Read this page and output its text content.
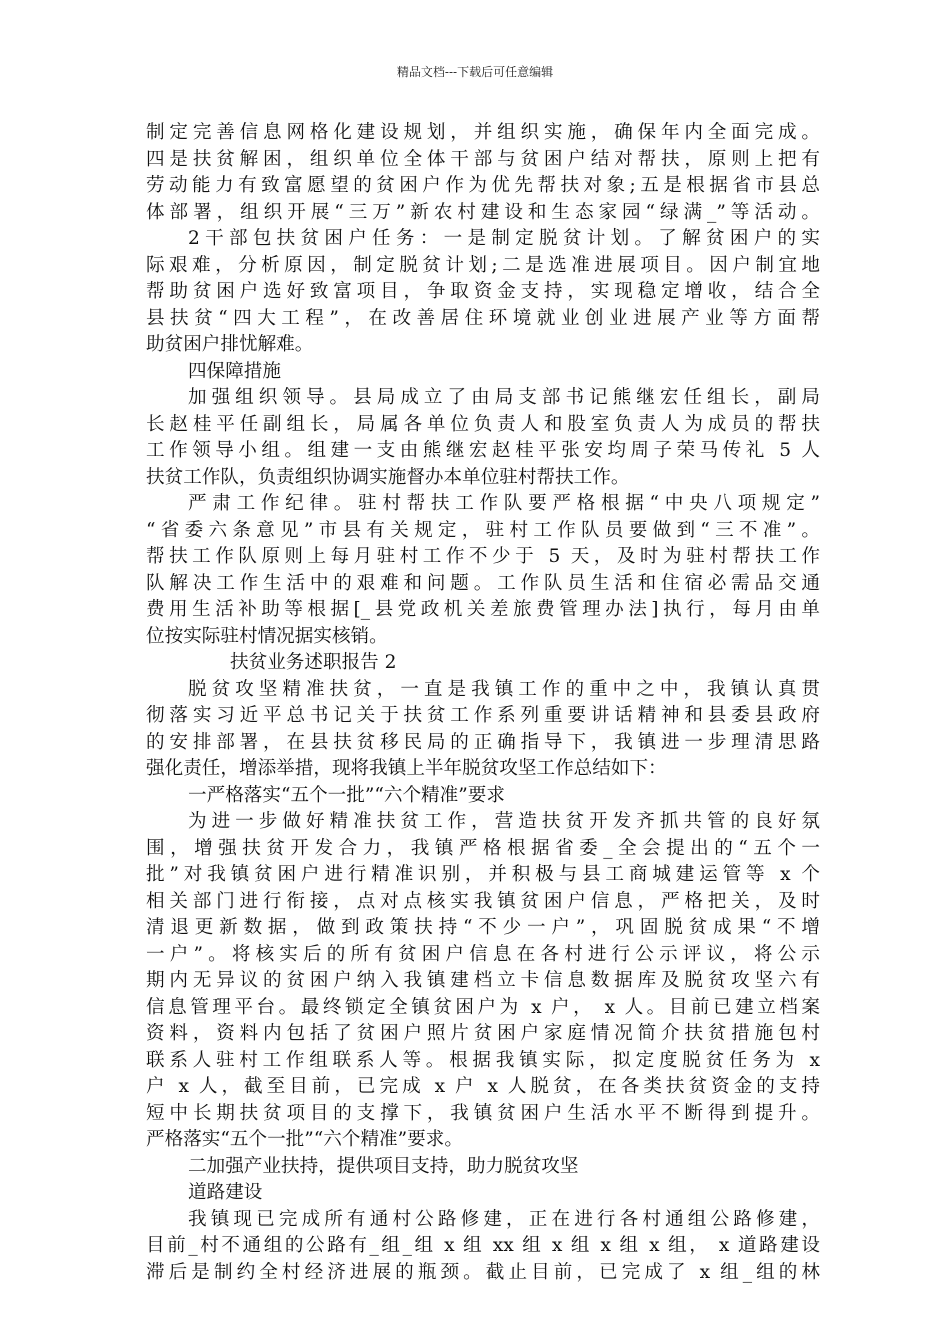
精品文档---下载后可任意编辑
制定完善信息网格化建设规划，并组织实施，确保年内全面完成。
四是扶贫解困，组织单位全体干部与贫困户结对帮扶，原则上把有
劳动能力有致富愿望的贫困户作为优先帮扶对象;五是根据省市县总
体部署，组织开展“三万”新农村建设和生态家园“绿满_”等活动。
2干部包扶贫困户任务：一是制定脱贫计划。了解贫困户的实
际艰难，分析原因，制定脱贫计划;二是选准进展项目。因户制宜地
帮助贫困户选好致富项目，争取资金支持，实现稳定增收，结合全
县扶贫“四大工程”，在改善居住环境就业创业进展产业等方面帮
助贫困户排忧解难。
四保障措施
加强组织领导。县局成立了由局支部书记熊继宏任组长，副局
长赵桂平任副组长，局属各单位负责人和股室负责人为成员的帮扶
工作领导小组。组建一支由熊继宏赵桂平张安均周子荣马传礼 5 人
扶贫工作队，负责组织协调实施督办本单位驻村帮扶工作。
严肃工作纪律。驻村帮扶工作队要严格根据“中央八项规定”
“省委六条意见”市县有关规定，驻村工作队员要做到“三不准”。
帮扶工作队原则上每月驻村工作不少于 5 天，及时为驻村帮扶工作
队解决工作生活中的艰难和问题。工作队员生活和住宿必需品交通
费用生活补助等根据[_县党政机关差旅费管理办法]执行，每月由单
位按实际驻村情况据实核销。
扶贫业务述职报告 2
脱贫攻坚精准扶贫，一直是我镇工作的重中之中，我镇认真贯
彻落实习近平总书记关于扶贫工作系列重要讲话精神和县委县政府
的安排部署，在县扶贫移民局的正确指导下，我镇进一步理清思路
强化责任，增添举措，现将我镇上半年脱贫攻坚工作总结如下：
一严格落实“五个一批”“六个精准”要求
为进一步做好精准扶贫工作，营造扶贫开发齐抓共管的良好氛
围，增强扶贫开发合力，我镇严格根据省委_全会提出的“五个一
批”对我镇贫困户进行精准识别，并积极与县工商城建运管等 x 个
相关部门进行衔接，点对点核实我镇贫困户信息，严格把关，及时
清退更新数据，做到政策扶持“不少一户”，巩固脱贫成果“不增
一户”。将核实后的所有贫困户信息在各村进行公示评议，将公示
期内无异议的贫困户纳入我镇建档立卡信息数据库及脱贫攻坚六有
信息管理平台。最终锁定全镇贫困户为 x 户， x 人。目前已建立档案
资料，资料内包括了贫困户照片贫困户家庭情况简介扶贫措施包村
联系人驻村工作组联系人等。根据我镇实际，拟定度脱贫任务为 x
户 x 人，截至目前，已完成 x 户 x 人脱贫，在各类扶贫资金的支持
短中长期扶贫项目的支撑下，我镇贫困户生活水平不断得到提升。
严格落实“五个一批”“六个精准”要求。
二加强产业扶持，提供项目支持，助力脱贫攻坚
道路建设
我镇现已完成所有通村公路修建，正在进行各村通组公路修建，
目前_村不通组的公路有_组_组 x 组 xx 组 x 组 x 组 x 组， x 道路建设
滞后是制约全村经济进展的瓶颈。截止目前，已完成了 x 组_组的林
